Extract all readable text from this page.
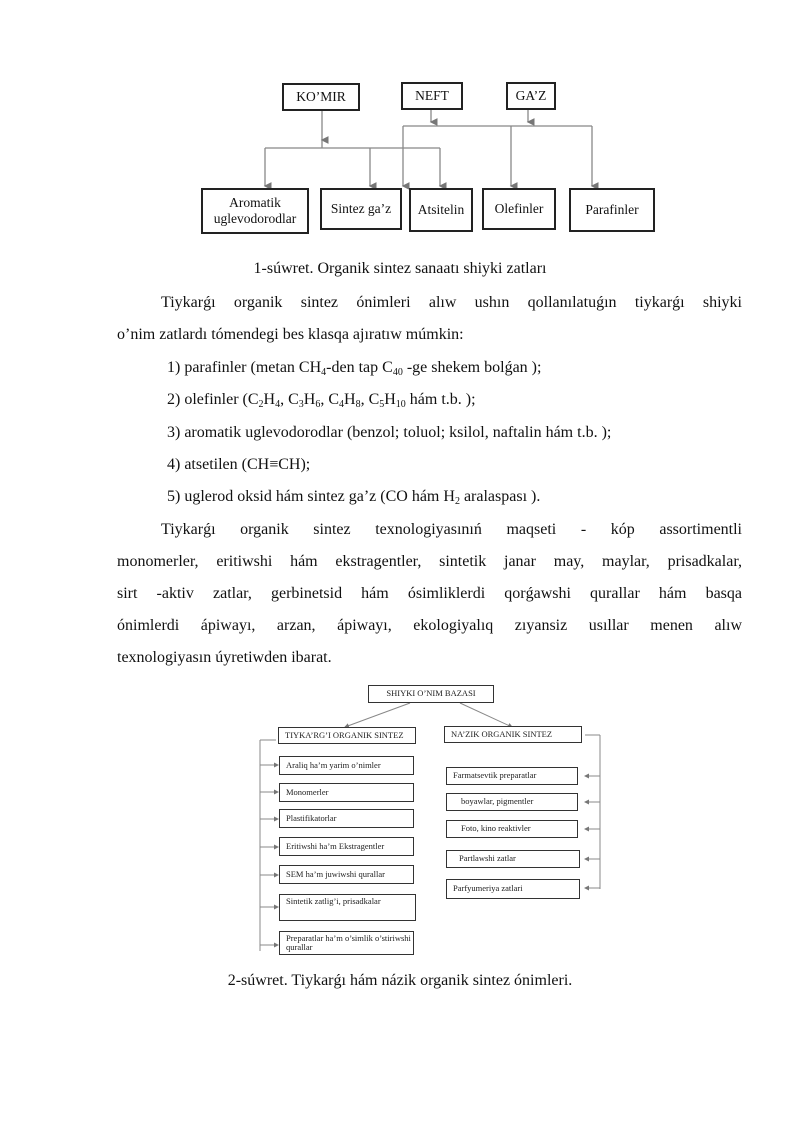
KO’MIR	NEFT	GA’Z
Aromatik uglevodorodlar
Sintez ga’z	Atsitelin	Olefinler	Parafinler
1-súwret. Organik sintez sanaatı shiyki zatları
Tiykarǵı organik sintez ónimleri alıw ushın qollanılatuǵın tiykarǵı shiyki
o’nim zatlardı tómendegi bes klasqa ajıratıw múmkin:
1) parafinler (metan $CH_4$-den tap $C_{40}$ -ge shekem bolǵan );
2) olefinler ($C_2H_4$, $C_3H_6$, $C_4H_8$, $C_5H_{10}$ hám t.b. );
3) aromatik uglevodorodlar (benzol; toluol; ksilol, naftalin hám t.b. );
4) atsetilen (CH≡CH);
5) uglerod oksid hám sintez ga’z (CO hám $H_2$ aralaspası ).
Tiykarǵı organik sintez texnologiyasınıń maqseti - kóp assortimentli
monomerler, eritiwshi hám ekstragentler, sintetik janar may, maylar, prisadkalar,
sirt -aktiv zatlar, gerbinetsid hám ósimliklerdi qorǵawshi qurallar hám basqa
ónimlerdi ápiwayı, arzan, ápiwayı, ekologiyalıq zıyansiz usıllar menen alıw
texnologiyasın úyretiwden ibarat.
SHIYKI O’NIM BAZASI
TIYKA’RG’I ORGANIK SINTEZ	NA’ZIK ORGANIK SINTEZ
Araliq ha’m yarim o’nimler
Monomerler
Plastifikatorlar
Eritiwshi ha’m Ekstragentler
SEM ha’m juwiwshi qurallar
Sintetik zatlig’i, prisadkalar
Preparatlar ha’m o’simlik o’stiriwshi qurallar
Farmatsevtik preparatlar
boyawlar, pigmentler
Foto, kino reaktivler
Partlawshi zatlar
Parfyumeriya zatlari
2-súwret. Tiykarǵı hám názik organik sintez ónimleri.
